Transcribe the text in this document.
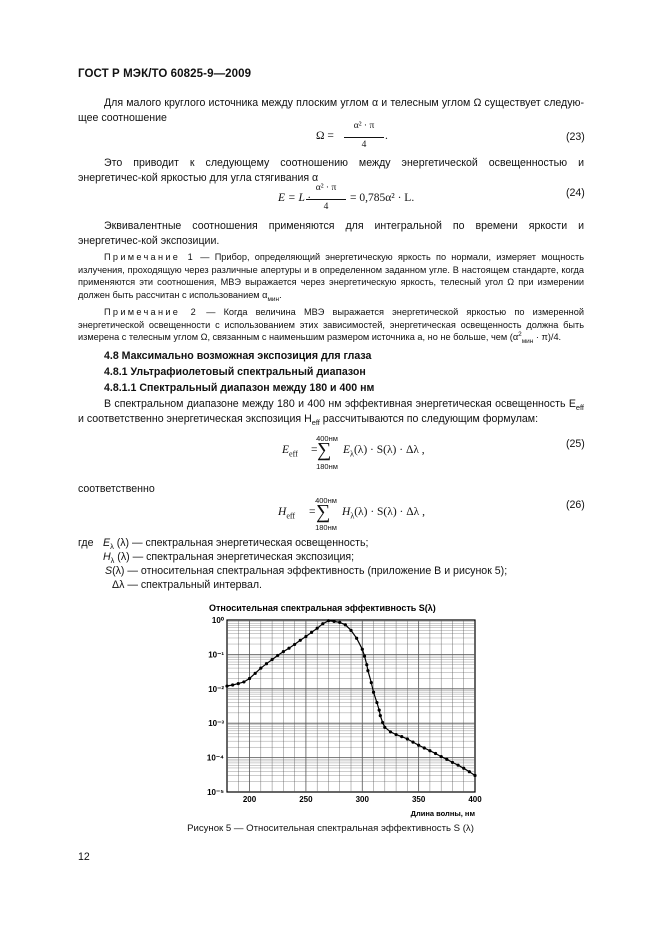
ГОСТ Р МЭК/ТО 60825-9—2009
Для малого круглого источника между плоским углом α и телесным углом Ω существует следую-щее соотношение
Ω =
α² · π
4
.	(23)
Это приводит к следующему соотношению между энергетической освещенностью и энергетичес-кой яркостью для угла стягивания α
E = L ·
α² · π
4
= 0,785α² · L.	(24)
Эквивалентные соотношения применяются для интегральной по времени яркости и энергетичес-кой экспозиции.
Примечание 1 — Прибор, определяющий энергетическую яркость по нормали, измеряет мощность излучения, проходящую через различные апертуры и в определенном заданном угле. В настоящем стандарте, когда применяются эти соотношения, МВЭ выражается через энергетическую яркость, телесный угол Ω при измерении должен быть рассчитан с использованием $\alpha_{мин}$.
Примечание 2 — Когда величина МВЭ выражается энергетической яркостью по измеренной энергетической освещенности с использованием этих зависимостей, энергетическая освещенность должна быть измерена с телесным углом Ω, связанным с наименьшим размером источника a, но не больше, чем $(\alpha^2_{мин} \cdot \pi)/4$.
4.8 Максимально возможная экспозиция для глаза
4.8.1 Ультрафиолетовый спектральный диапазон
4.8.1.1 Спектральный диапазон между 180 и 400 нм
В спектральном диапазоне между 180 и 400 нм эффективная энергетическая освещенность $E_{eff}$ и соответственно энергетическая экспозиция $H_{eff}$ рассчитываются по следующим формулам:
$E_{eff}$ =
400нм
∑
180нм
$E_\lambda(\lambda) \cdot S(\lambda) \cdot \Delta\lambda$ ,	(25)
соответственно
$H_{eff}$ =
400нм
∑
180нм
$H_\lambda(\lambda) \cdot S(\lambda) \cdot \Delta\lambda$ ,
(26)
где $E_\lambda$ (λ) — спектральная энергетическая освещенность;
$H_\lambda$ (λ) — спектральная энергетическая экспозиция;
S(λ) — относительная спектральная эффективность (приложение В и рисунок 5);
Δλ — спектральный интервал.
Относительная спектральная эффективность S(λ)
200	250	300	350	400
10⁰
10⁻¹
10⁻²
10⁻³
10⁻⁴
10⁻⁵
Длина волны, нм
Рисунок 5 — Относительная спектральная эффективность S (λ)
12
